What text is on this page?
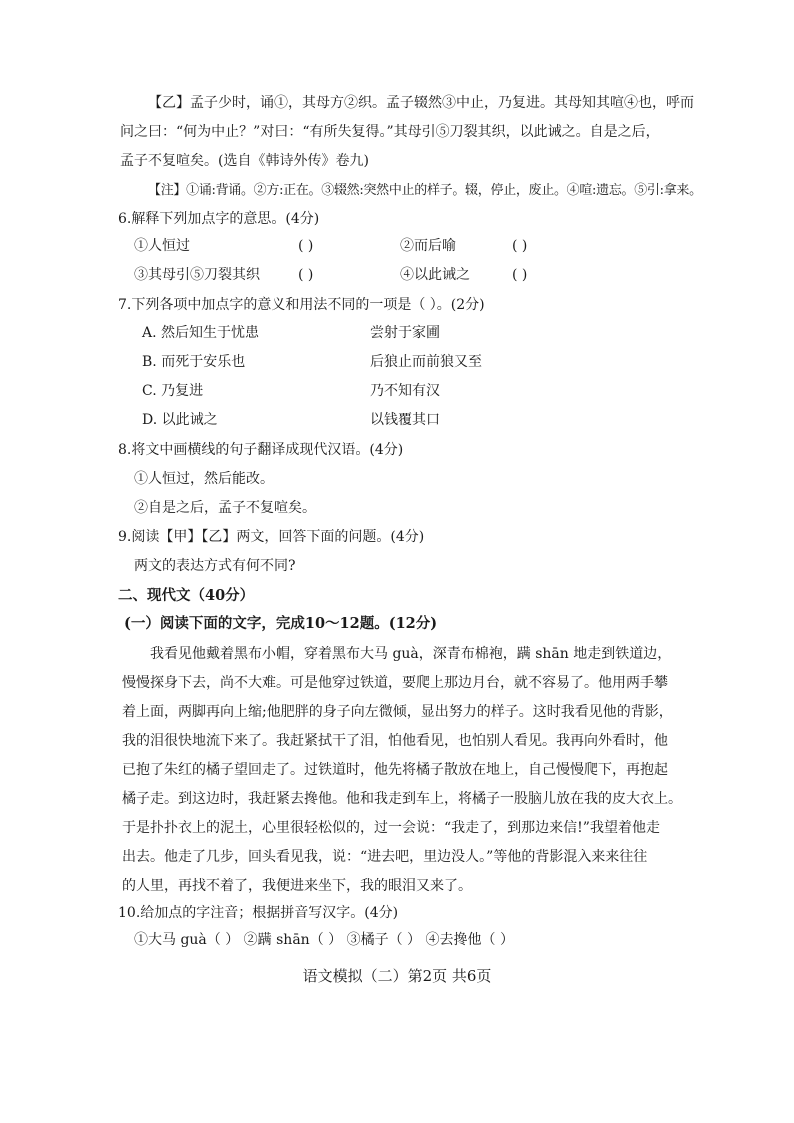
【乙】孟子少时，诵①，其母方②织。孟子辍然③中止，乃复进。其母知其喧④也，呼而
问之曰：“何为中止？”对曰：“有所失复得。”其母引⑤刀裂其织，以此诫之。自是之后，
孟子不复喧矣。(选自《韩诗外传》卷九)
【注】①诵:背诵。②方:正在。③辍然:突然中止的样子。辍，停止，废止。④喧:遗忘。⑤引:拿来。
6.解释下列加点字的意思。(4分)
①人恒过	( )	②而后喻	( )
③其母引⑤刀裂其织	( )	④以此诫之	( )
7.下列各项中加点字的意义和用法不同的一项是（ ）。(2分)
A. 然后知生于忧患	尝射于家圃
B. 而死于安乐也	后狼止而前狼又至
C. 乃复进	乃不知有汉
D. 以此诫之	以钱覆其口
8.将文中画横线的句子翻译成现代汉语。(4分)
①人恒过，然后能改。
②自是之后，孟子不复喧矣。
9.阅读【甲】【乙】两文，回答下面的问题。(4分)
两文的表达方式有何不同?
二、现代文（40分）
(一）阅读下面的文字，完成10～12题。(12分)
我看见他戴着黑布小帽，穿着黑布大马 guà，深青布棉袍，蹒 shān 地走到铁道边，
慢慢探身下去，尚不大难。可是他穿过铁道，要爬上那边月台，就不容易了。他用两手攀
着上面，两脚再向上缩;他肥胖的身子向左微倾，显出努力的样子。这时我看见他的背影，
我的泪很快地流下来了。我赶紧拭干了泪，怕他看见，也怕别人看见。我再向外看时，他
已抱了朱红的橘子望回走了。过铁道时，他先将橘子散放在地上，自己慢慢爬下，再抱起
橘子走。到这边时，我赶紧去搀他。他和我走到车上，将橘子一股脑儿放在我的皮大衣上。
于是扑扑衣上的泥土，心里很轻松似的，过一会说：“我走了，到那边来信!”我望着他走
出去。他走了几步，回头看见我，说：“进去吧，里边没人。”等他的背影混入来来往往
的人里，再找不着了，我便进来坐下，我的眼泪又来了。
10.给加点的字注音；根据拼音写汉字。(4分)
①大马 guà（ ） ②蹒 shān（ ） ③橘子（ ） ④去搀他（ ）
语文模拟（二）第2页 共6页
